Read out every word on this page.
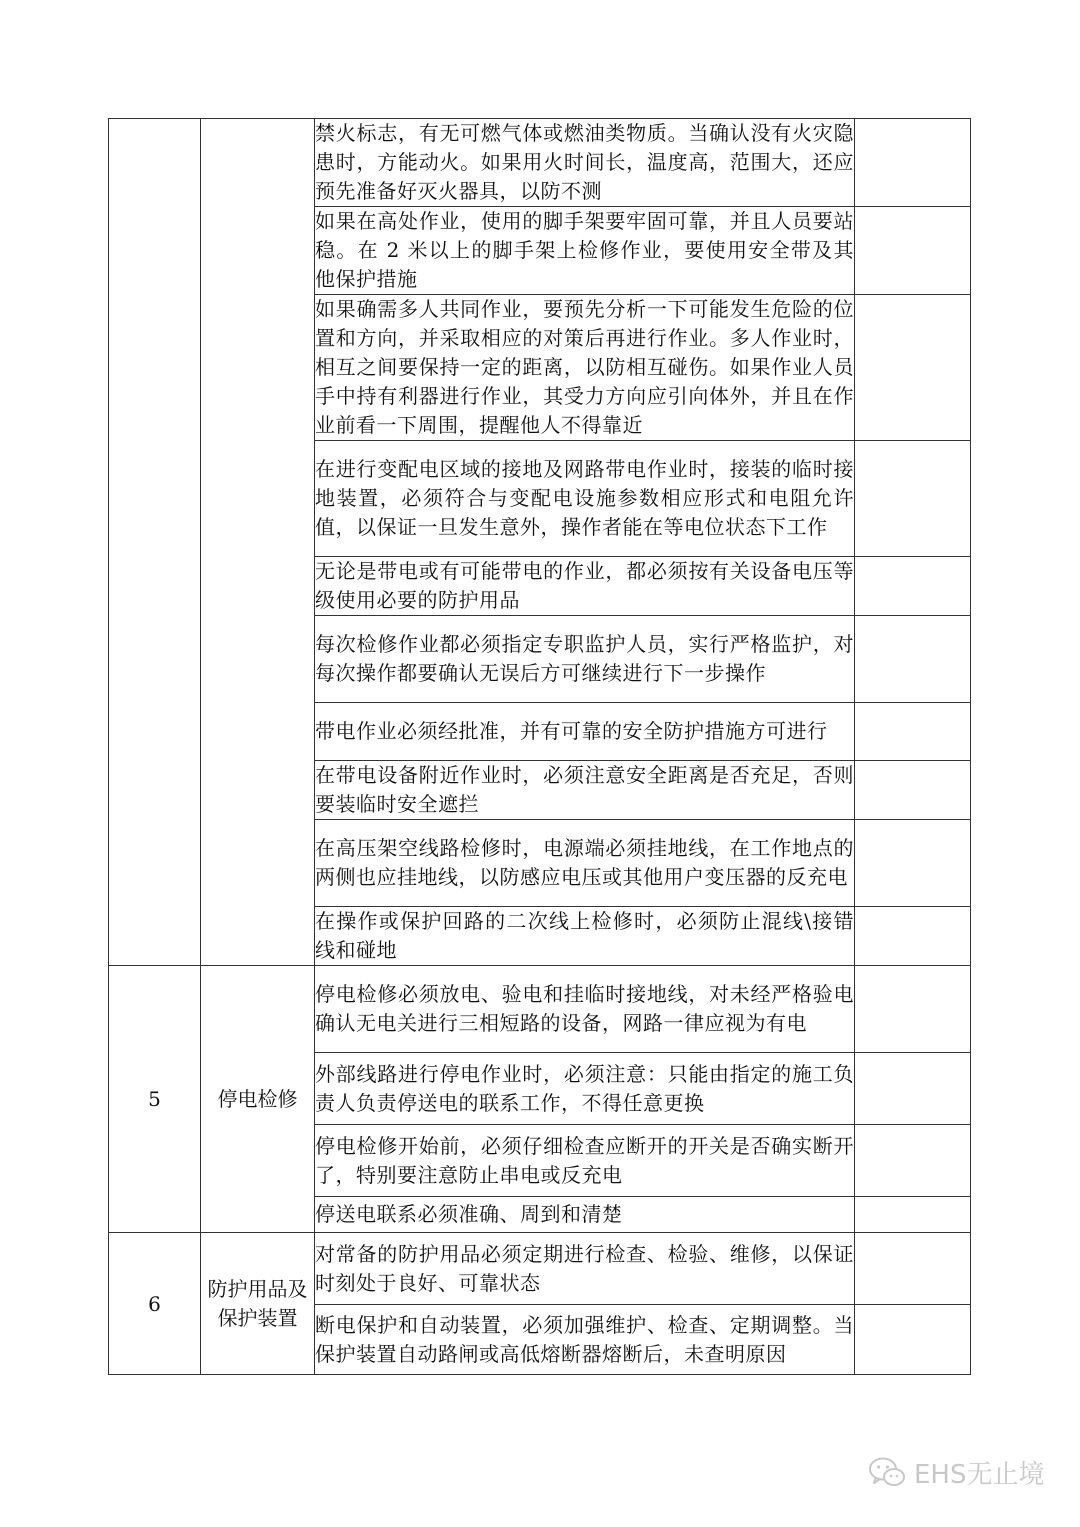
		禁火标志，有无可燃气体或燃油类物质。当确认没有火灾隐患时，方能动火。如果用火时间长，温度高，范围大，还应预先准备好灭火器具，以防不测	
		如果在高处作业，使用的脚手架要牢固可靠，并且人员要站稳。在 2 米以上的脚手架上检修作业，要使用安全带及其他保护措施	
		如果确需多人共同作业，要预先分析一下可能发生危险的位置和方向，并采取相应的对策后再进行作业。多人作业时，相互之间要保持一定的距离，以防相互碰伤。如果作业人员手中持有利器进行作业，其受力方向应引向体外，并且在作业前看一下周围，提醒他人不得靠近	
		在进行变配电区域的接地及网路带电作业时，接装的临时接地装置，必须符合与变配电设施参数相应形式和电阻允许值，以保证一旦发生意外，操作者能在等电位状态下工作	
		无论是带电或有可能带电的作业，都必须按有关设备电压等级使用必要的防护用品	
		每次检修作业都必须指定专职监护人员，实行严格监护，对每次操作都要确认无误后方可继续进行下一步操作	
		带电作业必须经批准，并有可靠的安全防护措施方可进行	
		在带电设备附近作业时，必须注意安全距离是否充足，否则要装临时安全遮拦	
		在高压架空线路检修时，电源端必须挂地线，在工作地点的两侧也应挂地线，以防感应电压或其他用户变压器的反充电	
		在操作或保护回路的二次线上检修时，必须防止混线\接错线和碰地	
5	停电检修	停电检修必须放电、验电和挂临时接地线，对未经严格验电确认无电关进行三相短路的设备，网路一律应视为有电	
		外部线路进行停电作业时，必须注意：只能由指定的施工负责人负责停送电的联系工作，不得任意更换	
		停电检修开始前，必须仔细检查应断开的开关是否确实断开了，特别要注意防止串电或反充电	
		停送电联系必须准确、周到和清楚	
6	防护用品及保护装置	对常备的防护用品必须定期进行检查、检验、维修，以保证时刻处于良好、可靠状态	
		断电保护和自动装置，必须加强维护、检查、定期调整。当保护装置自动路闸或高低熔断器熔断后，未查明原因	
EHS无止境
